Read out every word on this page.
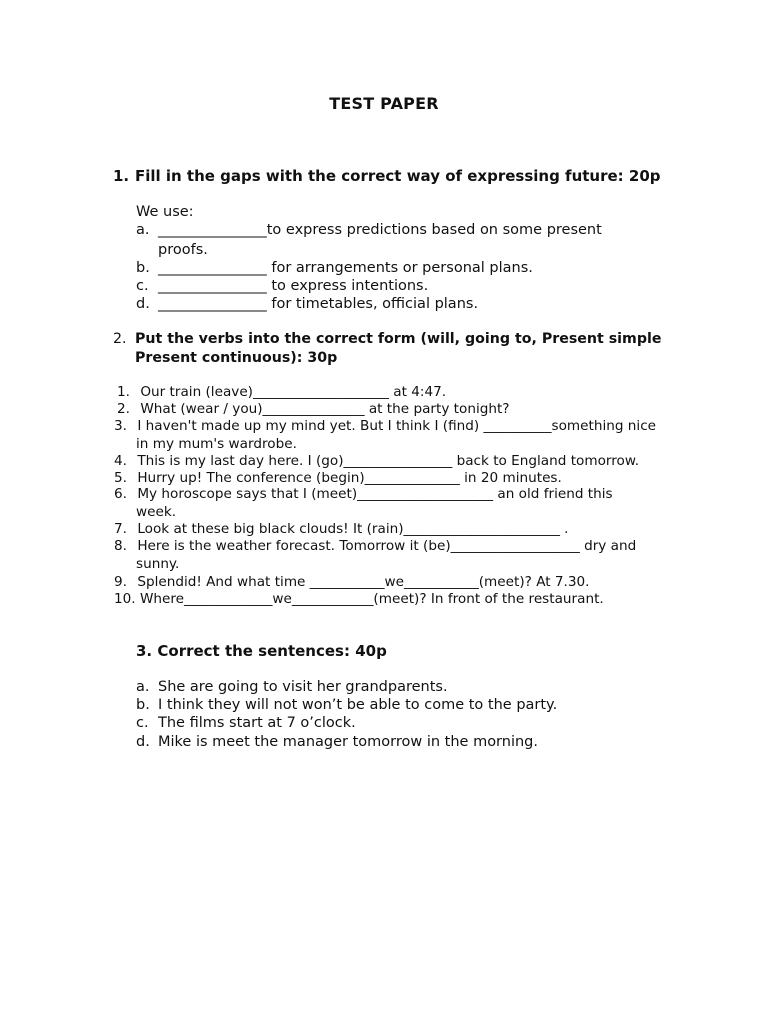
TEST PAPER
1. Fill in the gaps with the correct way of expressing future: 20p
We use:
a. _______________to express predictions based on some present
proofs.
b. _______________ for arrangements or personal plans.
c. _______________ to express intentions.
d. _______________ for timetables, official plans.
2. Put the verbs into the correct form (will, going to, Present simple
Present continuous): 30p
1. Our train (leave)____________________ at 4:47.
2. What (wear / you)_______________ at the party tonight?
3. I haven't made up my mind yet. But I think I (find) __________something nice
in my mum's wardrobe.
4. This is my last day here. I (go)________________ back to England tomorrow.
5. Hurry up! The conference (begin)______________ in 20 minutes.
6. My horoscope says that I (meet)____________________ an old friend this
week.
7. Look at these big black clouds! It (rain)_______________________ .
8. Here is the weather forecast. Tomorrow it (be)___________________ dry and
sunny.
9. Splendid! And what time ___________we___________(meet)? At 7.30.
10. Where_____________we____________(meet)? In front of the restaurant.
3. Correct the sentences: 40p
a. She are going to visit her grandparents.
b. I think they will not won’t be able to come to the party.
c. The films start at 7 o’clock.
d. Mike is meet the manager tomorrow in the morning.
